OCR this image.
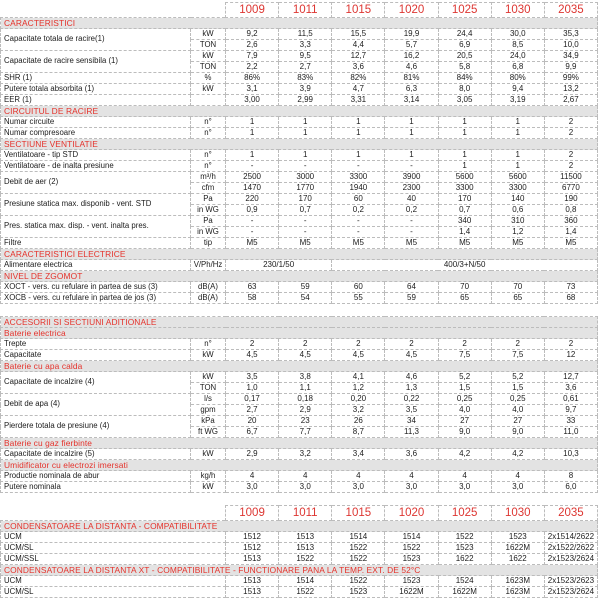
		1009	1011	1015	1020	1025	1030	2035
CARACTERISTICI								
Capacitate totala de racire(1)	kW	9,2	11,5	15,5	19,9	24,4	30,0	35,3
	TON	2,6	3,3	4,4	5,7	6,9	8,5	10,0
Capacitate de racire sensibila (1)	kW	7,9	9,5	12,7	16,2	20,5	24,0	34,9
	TON	2,2	2,7	3,6	4,6	5,8	6,8	9,9
SHR (1)	%	86%	83%	82%	81%	84%	80%	99%
Putere totala absorbita (1)	kW	3,1	3,9	4,7	6,3	8,0	9,4	13,2
EER (1)		3,00	2,99	3,31	3,14	3,05	3,19	2,67
CIRCUITUL DE RACIRE								
Numar circuite	n°	1	1	1	1	1	1	2
Numar compresoare	n°	1	1	1	1	1	1	2
SECTIUNE VENTILATIE								
Ventilatoare - tip STD	n°	1	1	1	1	1	1	2
Ventilatoare - de inalta presiune	n°	-	-	-	-	1	1	2
Debit de aer (2)	m³/h	2500	3000	3300	3900	5600	5600	11500
	cfm	1470	1770	1940	2300	3300	3300	6770
Presiune statica max. disponib - vent. STD	Pa	220	170	60	40	170	140	190
	in WG	0,9	0,7	0,2	0,2	0,7	0,6	0,8
Pres. statica max. disp. - vent. inalta pres.	Pa	-	-	-	-	340	310	360
	in WG	-	-	-	-	1,4	1,2	1,4
Filtre	tip	M5	M5	M5	M5	M5	M5	M5
CARACTERISTICI ELECTRICE								
Alimentare electrica	V/Ph/Hz	230/1/50		400/3+N/50				
NIVEL DE ZGOMOT								
XOCT - vers. cu refulare in partea de sus (3)	dB(A)	63	59	60	64	70	70	73
XOCB - vers. cu refulare in partea de jos (3)	dB(A)	58	54	55	59	65	65	68

ACCESORII SI SECTIUNI ADITIONALE								
Baterie electrica								
Trepte	n°	2	2	2	2	2	2	2
Capacitate	kW	4,5	4,5	4,5	4,5	7,5	7,5	12
Baterie cu apa calda								
Capacitate de incalzire (4)	kW	3,5	3,8	4,1	4,6	5,2	5,2	12,7
	TON	1,0	1,1	1,2	1,3	1,5	1,5	3,6
Debit de apa (4)	l/s	0,17	0,18	0,20	0,22	0,25	0,25	0,61
	gpm	2,7	2,9	3,2	3,5	4,0	4,0	9,7
Pierdere totala de presiune (4)	kPa	20	23	26	34	27	27	33
	ft WG	6,7	7,7	8,7	11,3	9,0	9,0	11,0
Baterie cu gaz fierbinte								
Capacitate de incalzire (5)	kW	2,9	3,2	3,4	3,6	4,2	4,2	10,3
Umidificator cu electrozi imersati								
Productie nominala de abur	kg/h	4	4	4	4	4	4	8
Putere nominala	kW	3,0	3,0	3,0	3,0	3,0	3,0	6,0

		1009	1011	1015	1020	1025	1030	2035
CONDENSATOARE LA DISTANTA - COMPATIBILITATE								
UCM		1512	1513	1514	1514	1522	1523	2x1514/2622
UCM/SL		1512	1513	1522	1522	1523	1622M	2x1522/2622
UCM/SSL		1513	1522	1522	1523	1622	1622	2x1523/2624
CONDENSATOARE LA DISTANTA XT - COMPATIBILITATE - FUNCTIONARE PANA LA TEMP. EXT. DE 52°C								
UCM		1513	1514	1522	1523	1524	1623M	2x1523/2623
UCM/SL		1513	1522	1523	1622M	1622M	1623M	2x1523/2624
